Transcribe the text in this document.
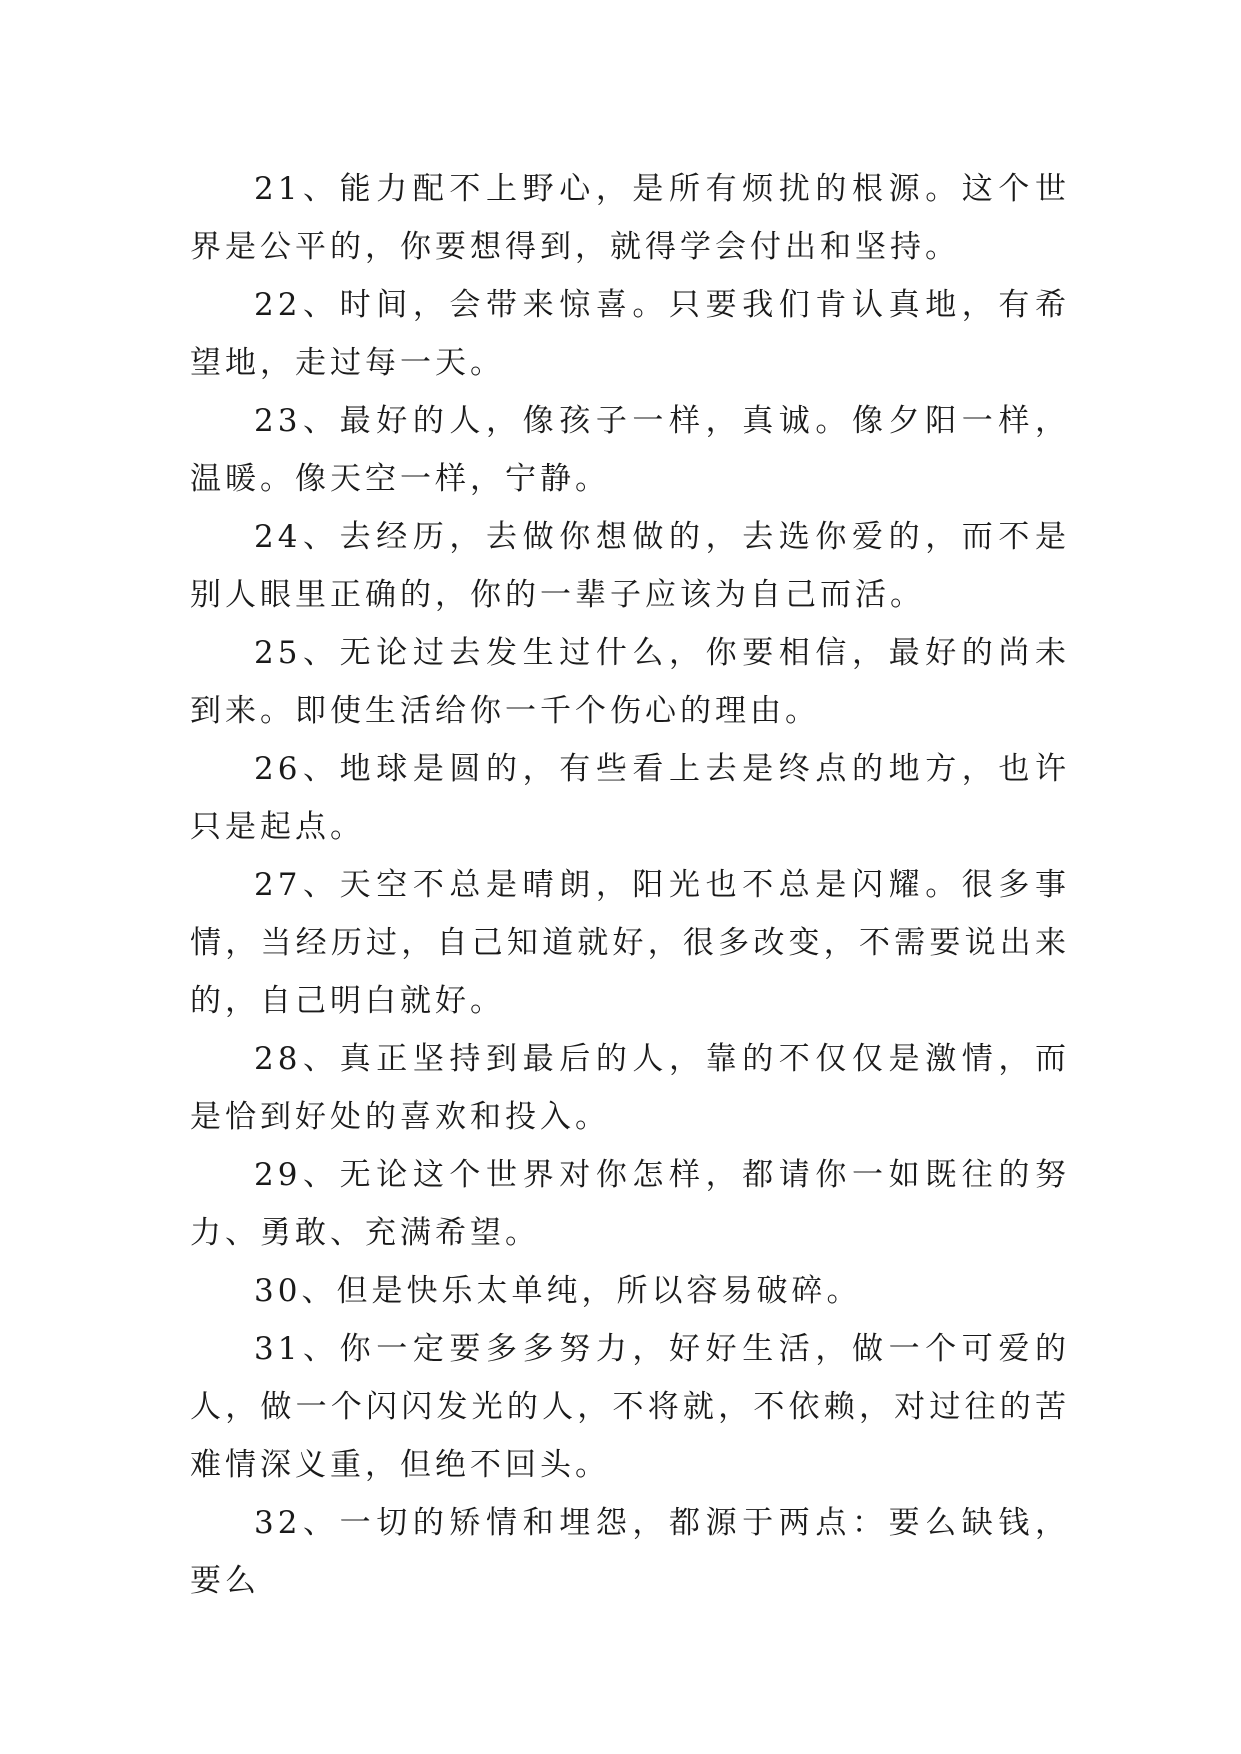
21、能力配不上野心，是所有烦扰的根源。这个世界是公平的，你要想得到，就得学会付出和坚持。

22、时间，会带来惊喜。只要我们肯认真地，有希望地，走过每一天。

23、最好的人，像孩子一样，真诚。像夕阳一样，温暖。像天空一样，宁静。

24、去经历，去做你想做的，去选你爱的，而不是别人眼里正确的，你的一辈子应该为自己而活。

25、无论过去发生过什么，你要相信，最好的尚未到来。即使生活给你一千个伤心的理由。

26、地球是圆的，有些看上去是终点的地方，也许只是起点。

27、天空不总是晴朗，阳光也不总是闪耀。很多事情，当经历过，自己知道就好，很多改变，不需要说出来的，自己明白就好。

28、真正坚持到最后的人，靠的不仅仅是激情，而是恰到好处的喜欢和投入。

29、无论这个世界对你怎样，都请你一如既往的努力、勇敢、充满希望。

30、但是快乐太单纯，所以容易破碎。

31、你一定要多多努力，好好生活，做一个可爱的人，做一个闪闪发光的人，不将就，不依赖，对过往的苦难情深义重，但绝不回头。

32、一切的矫情和埋怨，都源于两点：要么缺钱，要么
